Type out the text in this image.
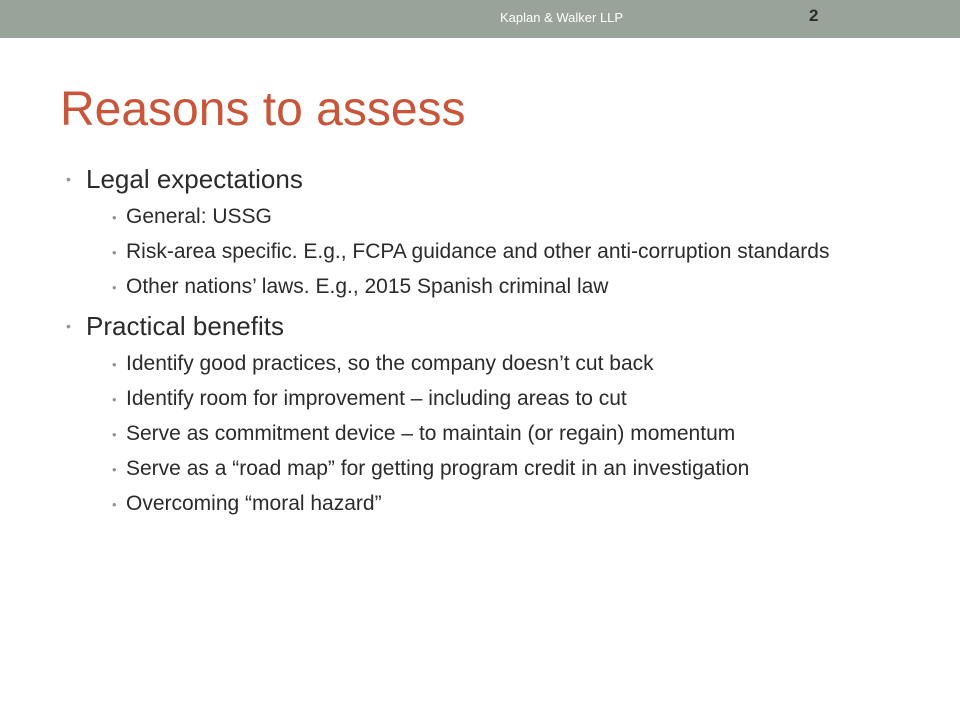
Kaplan & Walker LLP	2
Reasons to assess
• Legal expectations
• General: USSG
• Risk-area specific. E.g., FCPA guidance and other anti-corruption standards
• Other nations’ laws. E.g., 2015 Spanish criminal law
• Practical benefits
• Identify good practices, so the company doesn’t cut back
• Identify room for improvement – including areas to cut
• Serve as commitment device – to maintain (or regain) momentum
• Serve as a “road map” for getting program credit in an investigation
• Overcoming “moral hazard”
